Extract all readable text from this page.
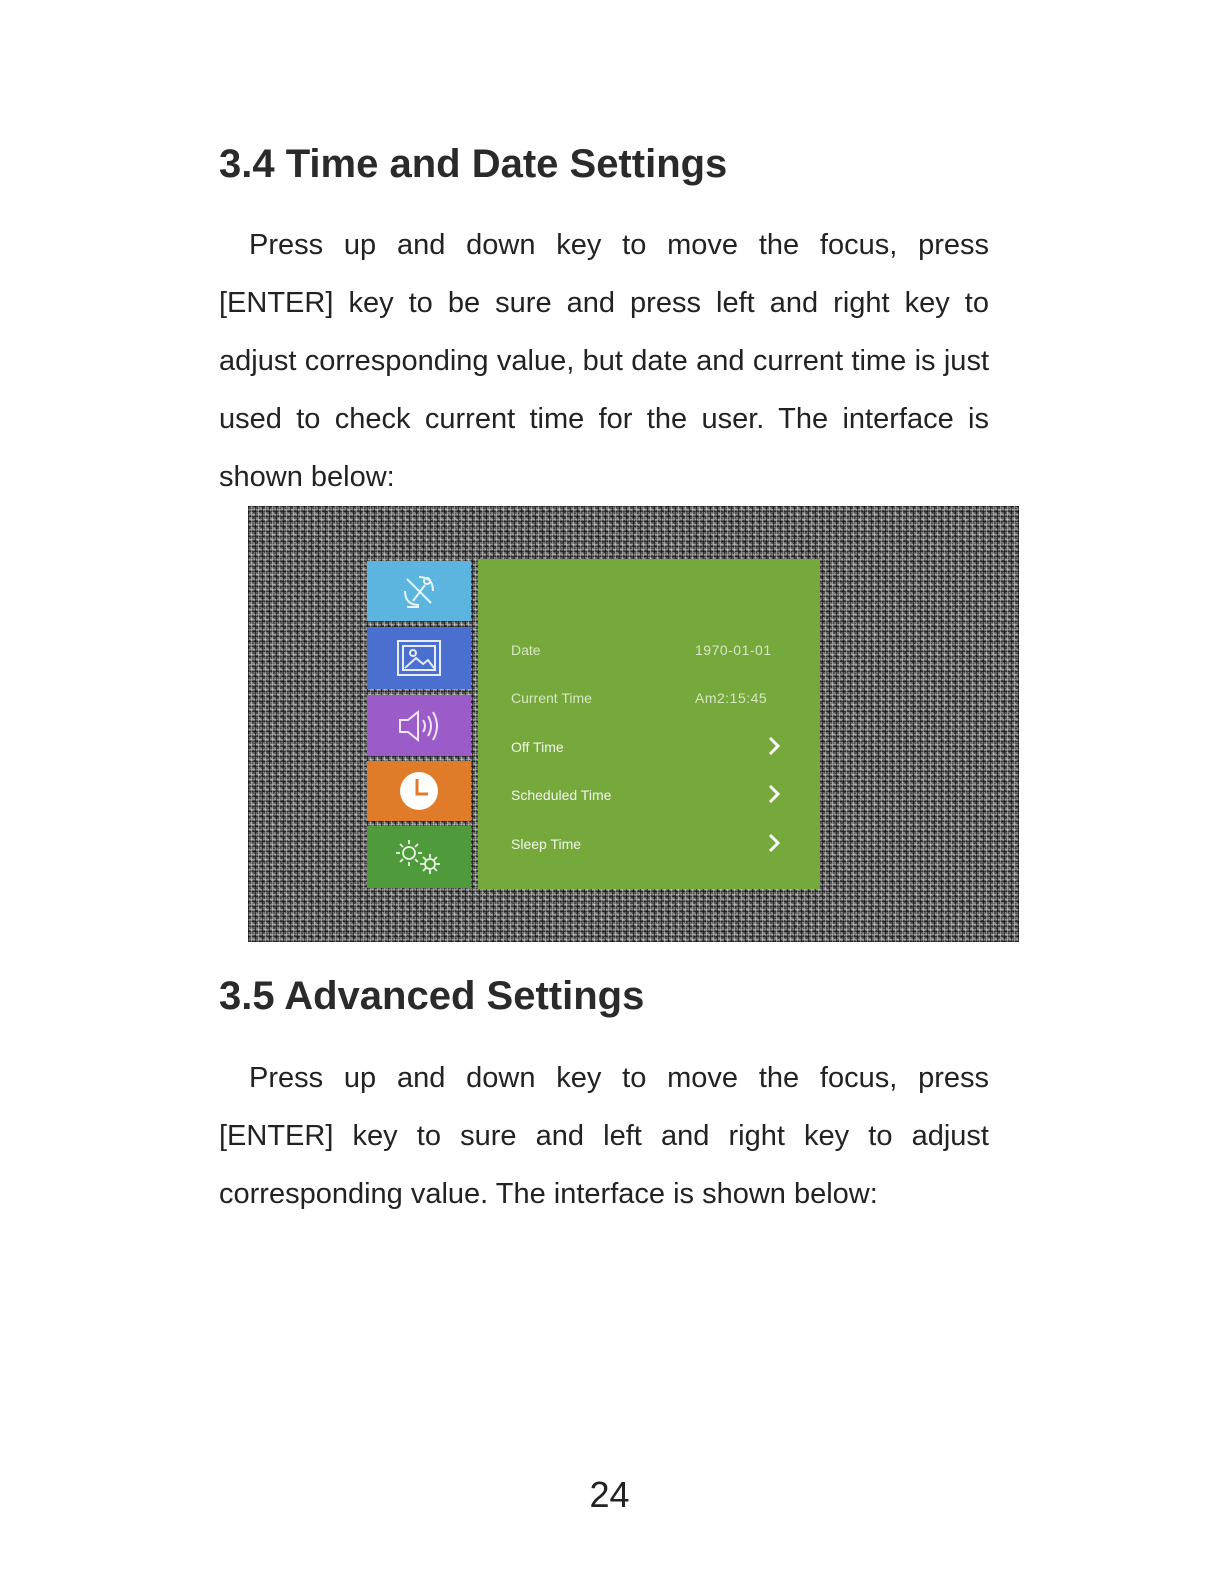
3.4 Time and Date Settings

Press up and down key to move the focus, press [ENTER] key to be sure and press left and right key to adjust corresponding value, but date and current time is just used to check current time for the user. The interface is shown below:

Date	1970-01-01
Current Time	Am2:15:45
Off Time
Scheduled Time
Sleep Time
3.5 Advanced Settings

Press up and down key to move the focus, press [ENTER] key to sure and left and right key to adjust corresponding value. The interface is shown below:

24
